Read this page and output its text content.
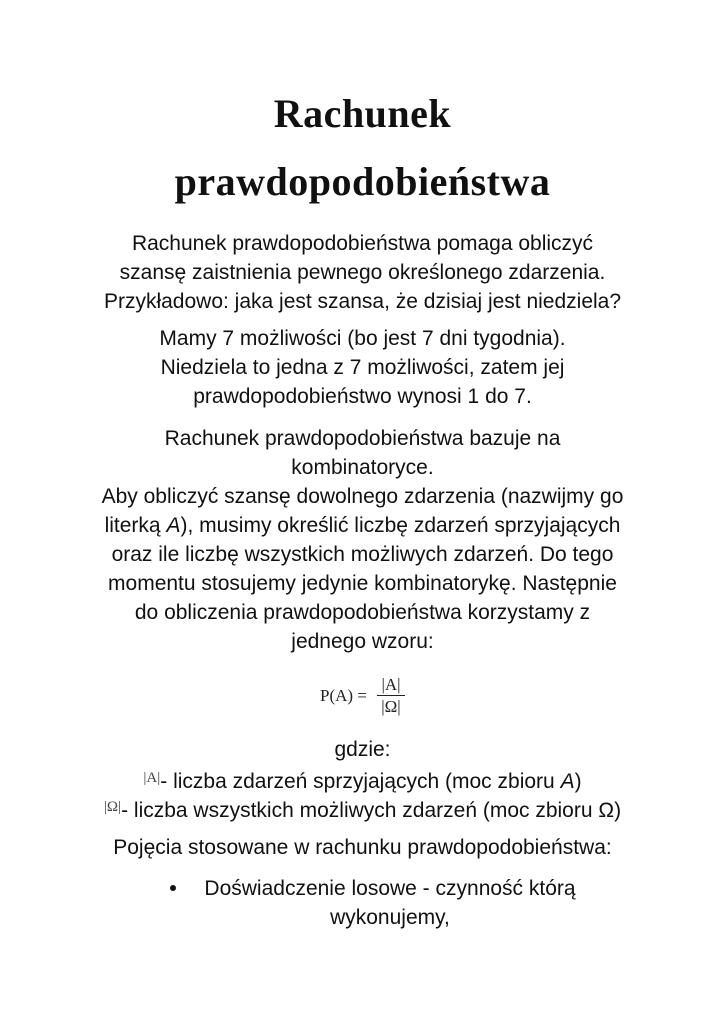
Rachunek
prawdopodobieństwa
Rachunek prawdopodobieństwa pomaga obliczyć
szansę zaistnienia pewnego określonego zdarzenia.
Przykładowo: jaka jest szansa, że dzisiaj jest niedziela?
Mamy 7 możliwości (bo jest 7 dni tygodnia).
Niedziela to jedna z 7 możliwości, zatem jej
prawdopodobieństwo wynosi 1 do 7.
Rachunek prawdopodobieństwa bazuje na
kombinatoryce.
Aby obliczyć szansę dowolnego zdarzenia (nazwijmy go
literką A), musimy określić liczbę zdarzeń sprzyjających
oraz ile liczbę wszystkich możliwych zdarzeń. Do tego
momentu stosujemy jedynie kombinatorykę. Następnie
do obliczenia prawdopodobieństwa korzystamy z
jednego wzoru:
P(A) =
|A|
|Ω|
gdzie:
$^{|A|}$- liczba zdarzeń sprzyjających (moc zbioru A)
$^{|\Omega|}$- liczba wszystkich możliwych zdarzeń (moc zbioru Ω)
Pojęcia stosowane w rachunku prawdopodobieństwa:
Doświadczenie losowe - czynność którą
wykonujemy,
